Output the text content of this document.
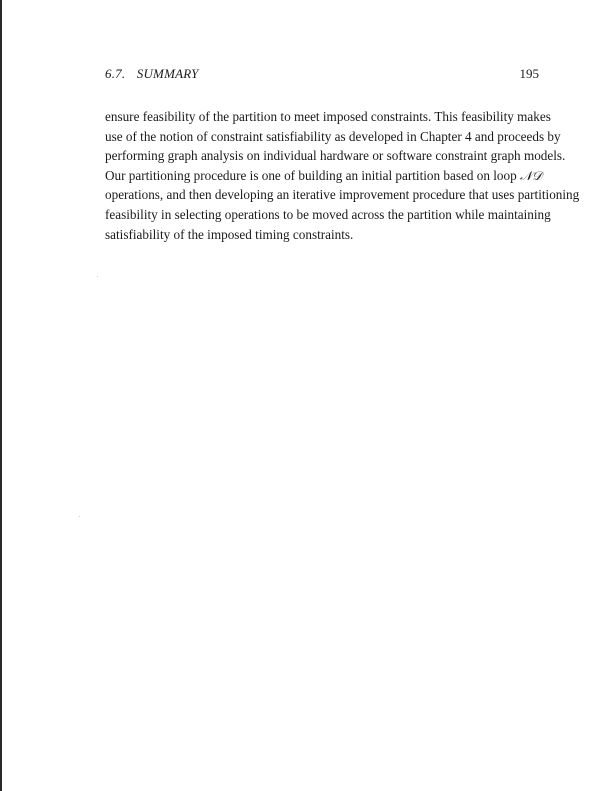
6.7. SUMMARY	195
ensure feasibility of the partition to meet imposed constraints. This feasibility makes
use of the notion of constraint satisfiability as developed in Chapter 4 and proceeds by
performing graph analysis on individual hardware or software constraint graph models.
Our partitioning procedure is one of building an initial partition based on loop 𝒩𝒟
operations, and then developing an iterative improvement procedure that uses partitioning
feasibility in selecting operations to be moved across the partition while maintaining
satisfiability of the imposed timing constraints.
